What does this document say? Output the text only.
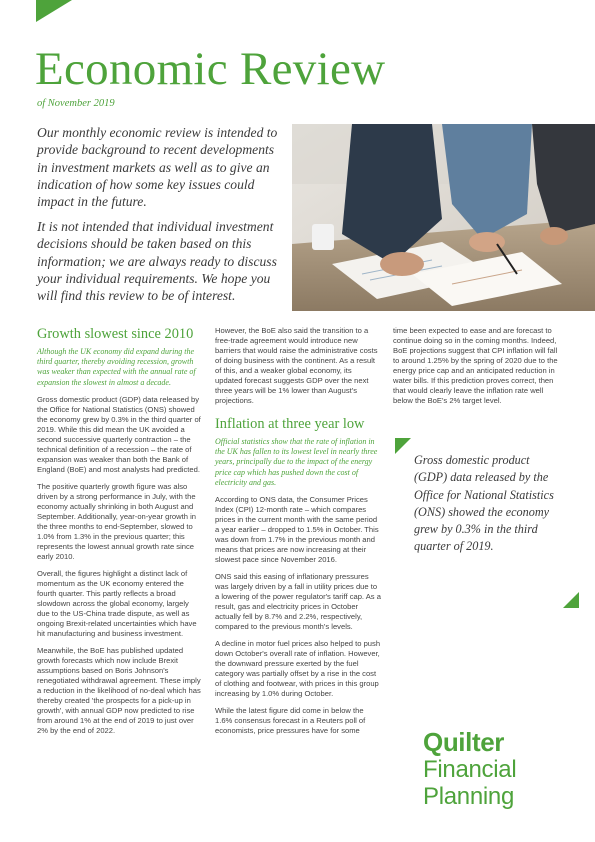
Economic Review
of November 2019

Our monthly economic review is intended to provide background to recent developments in investment markets as well as to give an indication of how some key issues could impact in the future.

It is not intended that individual investment decisions should be taken based on this information; we are always ready to discuss your individual requirements. We hope you will find this review to be of interest.

Growth slowest since 2010

Although the UK economy did expand during the third quarter, thereby avoiding recession, growth was weaker than expected with the annual rate of expansion the slowest in almost a decade.

Gross domestic product (GDP) data released by the Office for National Statistics (ONS) showed the economy grew by 0.3% in the third quarter of 2019. While this did mean the UK avoided a second successive quarterly contraction – the technical definition of a recession – the rate of expansion was weaker than both the Bank of England (BoE) and most analysts had predicted.

The positive quarterly growth figure was also driven by a strong performance in July, with the economy actually shrinking in both August and September. Additionally, year-on-year growth in the three months to end-September, slowed to 1.0% from 1.3% in the previous quarter; this represents the lowest annual growth rate since early 2010.

Overall, the figures highlight a distinct lack of momentum as the UK economy entered the fourth quarter. This partly reflects a broad slowdown across the global economy, largely due to the US-China trade dispute, as well as ongoing Brexit-related uncertainties which have hit manufacturing and business investment.

Meanwhile, the BoE has published updated growth forecasts which now include Brexit assumptions based on Boris Johnson's renegotiated withdrawal agreement. These imply a reduction in the likelihood of no-deal which has thereby created 'the prospects for a pick-up in growth', with annual GDP now predicted to rise from around 1% at the end of 2019 to just over 2% by the end of 2022.

However, the BoE also said the transition to a free-trade agreement would introduce new barriers that would raise the administrative costs of doing business with the continent. As a result of this, and a weaker global economy, its updated forecast suggests GDP over the next three years will be 1% lower than August's projections.

Inflation at three year low

Official statistics show that the rate of inflation in the UK has fallen to its lowest level in nearly three years, principally due to the impact of the energy price cap which has pushed down the cost of electricity and gas.

According to ONS data, the Consumer Prices Index (CPI) 12-month rate – which compares prices in the current month with the same period a year earlier – dropped to 1.5% in October. This was down from 1.7% in the previous month and means that prices are now increasing at their slowest pace since November 2016.

ONS said this easing of inflationary pressures was largely driven by a fall in utility prices due to a lowering of the power regulator's tariff cap. As a result, gas and electricity prices in October actually fell by 8.7% and 2.2%, respectively, compared to the previous month's levels.

A decline in motor fuel prices also helped to push down October's overall rate of inflation. However, the downward pressure exerted by the fuel category was partially offset by a rise in the cost of clothing and footwear, with prices in this group increasing by 1.0% during October.

While the latest figure did come in below the 1.6% consensus forecast in a Reuters poll of economists, price pressures have for some

time been expected to ease and are forecast to continue doing so in the coming months. Indeed, BoE projections suggest that CPI inflation will fall to around 1.25% by the spring of 2020 due to the energy price cap and an anticipated reduction in water bills. If this prediction proves correct, then that would clearly leave the inflation rate well below the BoE's 2% target level.

Gross domestic product (GDP) data released by the Office for National Statistics (ONS) showed the economy grew by 0.3% in the third quarter of 2019.

Quilter
Financial
Planning
